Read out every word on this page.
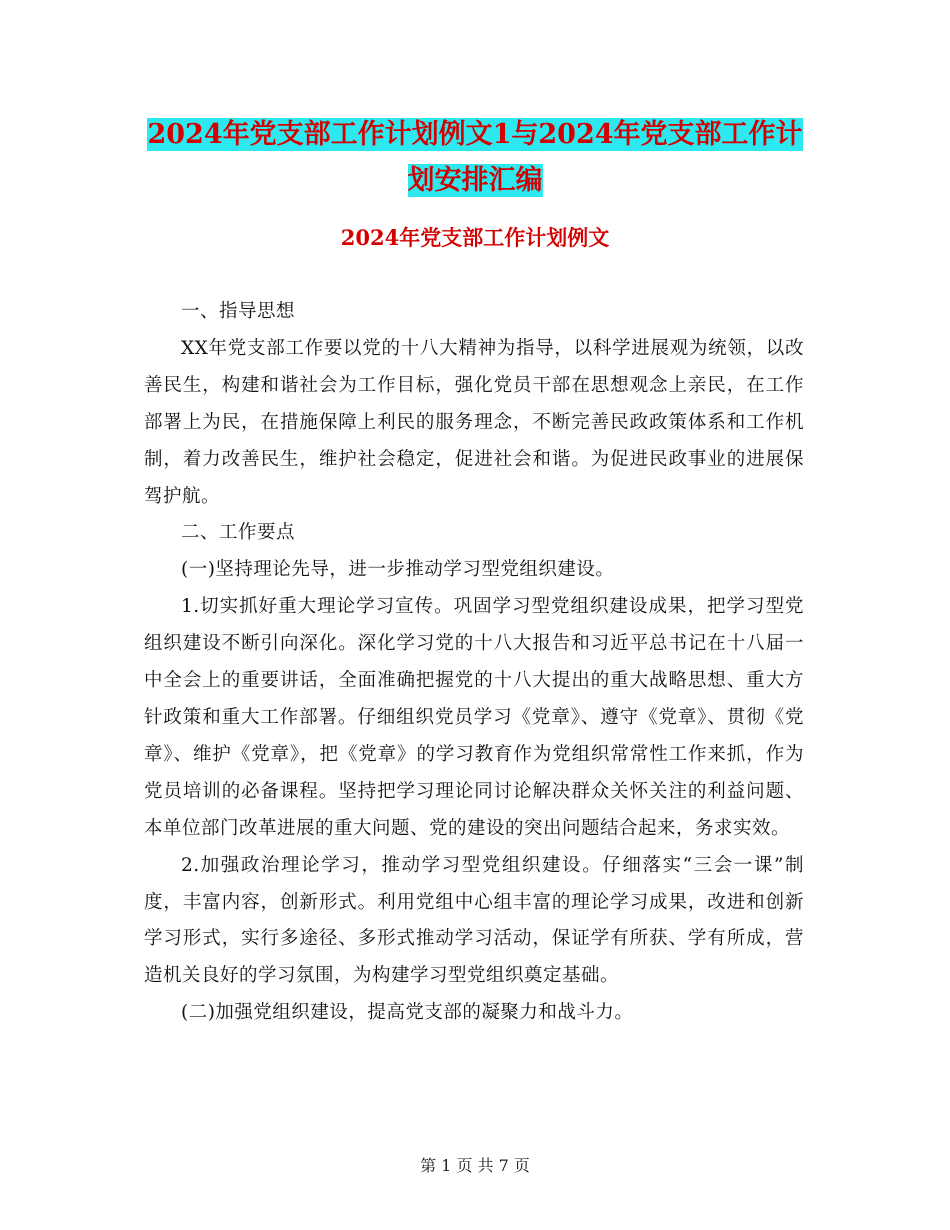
2024年党支部工作计划例文1与2024年党支部工作计
划安排汇编
2024年党支部工作计划例文

一、指导思想

XX年党支部工作要以党的十八大精神为指导，以科学进展观为统领，以改善民生，构建和谐社会为工作目标，强化党员干部在思想观念上亲民，在工作部署上为民，在措施保障上利民的服务理念，不断完善民政政策体系和工作机制，着力改善民生，维护社会稳定，促进社会和谐。为促进民政事业的进展保驾护航。

二、工作要点

(一)坚持理论先导，进一步推动学习型党组织建设。

1.切实抓好重大理论学习宣传。巩固学习型党组织建设成果，把学习型党组织建设不断引向深化。深化学习党的十八大报告和习近平总书记在十八届一中全会上的重要讲话，全面准确把握党的十八大提出的重大战略思想、重大方针政策和重大工作部署。仔细组织党员学习《党章》、遵守《党章》、贯彻《党章》、维护《党章》，把《党章》的学习教育作为党组织常常性工作来抓，作为党员培训的必备课程。坚持把学习理论同讨论解决群众关怀关注的利益问题、本单位部门改革进展的重大问题、党的建设的突出问题结合起来，务求实效。

2.加强政治理论学习，推动学习型党组织建设。仔细落实“三会一课”制度，丰富内容，创新形式。利用党组中心组丰富的理论学习成果，改进和创新学习形式，实行多途径、多形式推动学习活动，保证学有所获、学有所成，营造机关良好的学习氛围，为构建学习型党组织奠定基础。

(二)加强党组织建设，提高党支部的凝聚力和战斗力。

第 1 页 共 7 页
